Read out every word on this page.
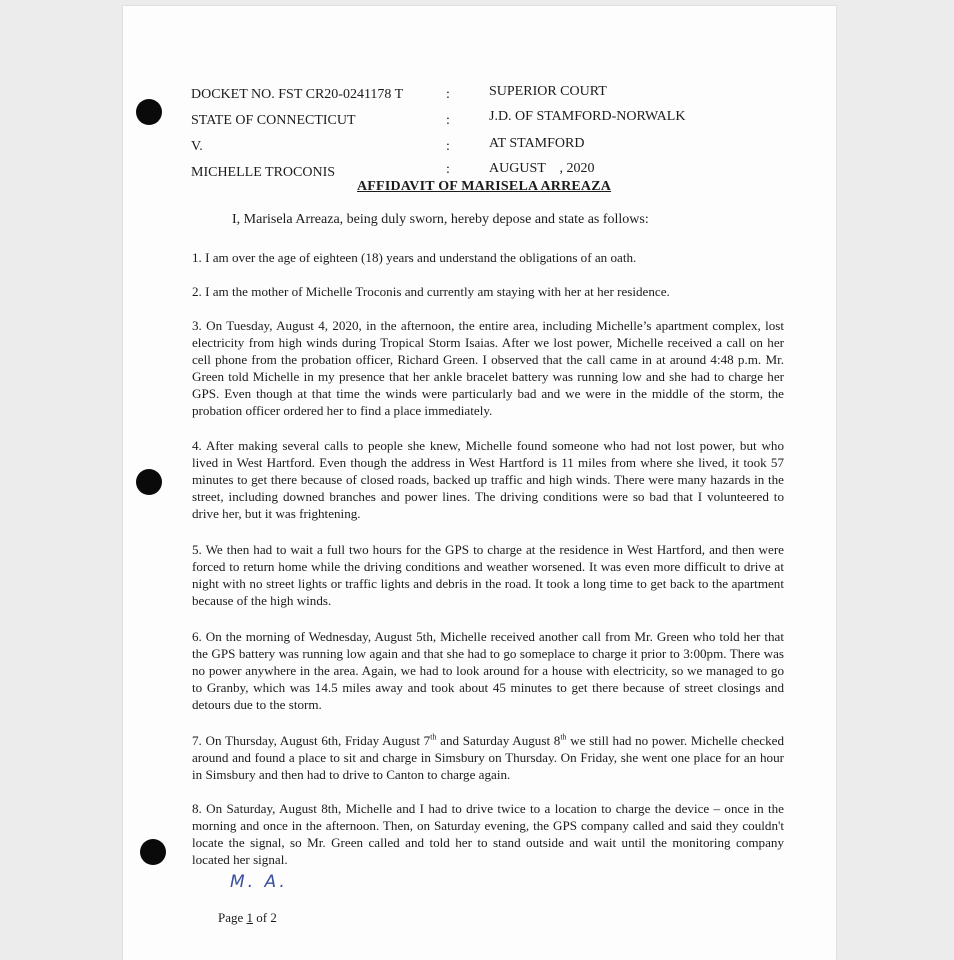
DOCKET NO. FST CR20-0241178 T	:	SUPERIOR COURT
STATE OF CONNECTICUT	:	J.D. OF STAMFORD-NORWALK
V.	:	AT STAMFORD
MICHELLE TROCONIS	:	AUGUST    , 2020
AFFIDAVIT OF MARISELA ARREAZA
I, Marisela Arreaza, being duly sworn, hereby depose and state as follows:
1. I am over the age of eighteen (18) years and understand the obligations of an oath.
2. I am the mother of Michelle Troconis and currently am staying with her at her residence.
3. On Tuesday, August 4, 2020, in the afternoon, the entire area, including Michelle’s apartment complex, lost electricity from high winds during Tropical Storm Isaias. After we lost power, Michelle received a call on her cell phone from the probation officer, Richard Green. I observed that the call came in at around 4:48 p.m. Mr. Green told Michelle in my presence that her ankle bracelet battery was running low and she had to charge her GPS. Even though at that time the winds were particularly bad and we were in the middle of the storm, the probation officer ordered her to find a place immediately.
4. After making several calls to people she knew, Michelle found someone who had not lost power, but who lived in West Hartford. Even though the address in West Hartford is 11 miles from where she lived, it took 57 minutes to get there because of closed roads, backed up traffic and high winds. There were many hazards in the street, including downed branches and power lines. The driving conditions were so bad that I volunteered to drive her, but it was frightening.
5. We then had to wait a full two hours for the GPS to charge at the residence in West Hartford, and then were forced to return home while the driving conditions and weather worsened. It was even more difficult to drive at night with no street lights or traffic lights and debris in the road. It took a long time to get back to the apartment because of the high winds.
6. On the morning of Wednesday, August 5th, Michelle received another call from Mr. Green who told her that the GPS battery was running low again and that she had to go someplace to charge it prior to 3:00pm. There was no power anywhere in the area. Again, we had to look around for a house with electricity, so we managed to go to Granby, which was 14.5 miles away and took about 45 minutes to get there because of street closings and detours due to the storm.
7. On Thursday, August 6th, Friday August 7th and Saturday August 8th we still had no power. Michelle checked around and found a place to sit and charge in Simsbury on Thursday. On Friday, she went one place for an hour in Simsbury and then had to drive to Canton to charge again.
8. On Saturday, August 8th, Michelle and I had to drive twice to a location to charge the device – once in the morning and once in the afternoon. Then, on Saturday evening, the GPS company called and said they couldn't locate the signal, so Mr. Green called and told her to stand outside and wait until the monitoring company located her signal.
M. A.
Page 1 of 2
